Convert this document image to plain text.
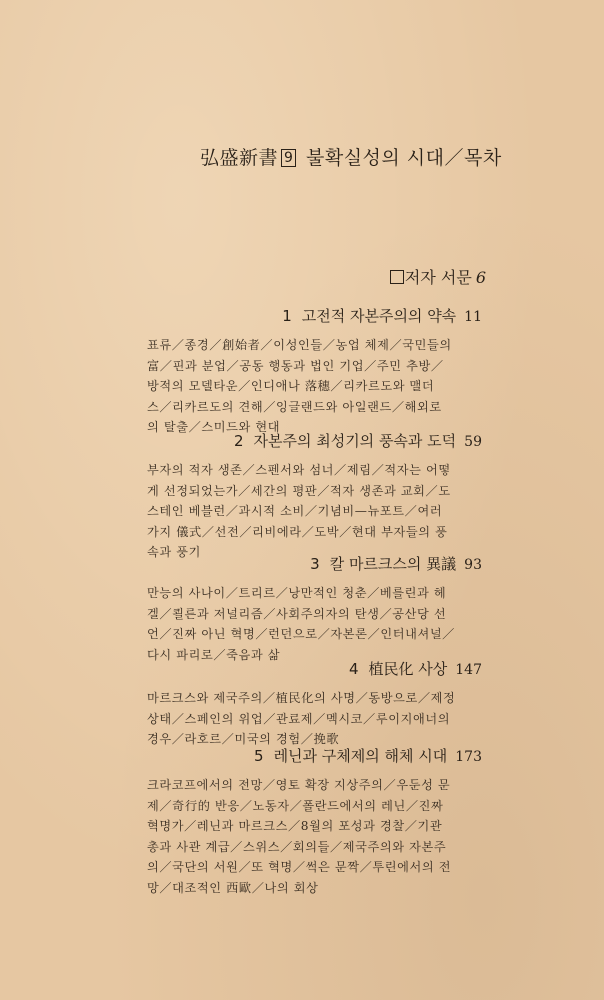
弘盛新書 9 불확실성의 시대／목차
저자 서문 6
1 고전적 자본주의의 약속 11
표류／종경／創始者／이성인들／농업 체제／국민들의
富／핀과 분업／공동 행동과 법인 기업／주민 추방／
방적의 모델타운／인디애나 落穗／리카르도와 맬더
스／리카르도의 견해／잉글랜드와 아일랜드／해외로
의 탈출／스미드와 현대
2 자본주의 최성기의 풍속과 도덕 59
부자의 적자 생존／스펜서와 섬너／제림／적자는 어떻
게 선정되었는가／세간의 평판／적자 생존과 교회／도
스테인 베블런／과시적 소비／기념비—뉴포트／여러
가지 儀式／선전／리비에라／도박／현대 부자들의 풍
속과 풍기
3 칼 마르크스의 異議 93
만능의 사나이／트리르／낭만적인 청춘／베를린과 헤
겔／쾰른과 저널리즘／사회주의자의 탄생／공산당 선
언／진짜 아닌 혁명／런던으로／자본론／인터내셔널／
다시 파리로／죽음과 삶
4 植民化 사상 147
마르크스와 제국주의／植民化의 사명／동방으로／제정
상태／스페인의 위업／관료제／멕시코／루이지애너의
경우／라호르／미국의 경험／挽歌
5 레닌과 구체제의 해체 시대 173
크라코프에서의 전망／영토 확장 지상주의／우둔성 문
제／奇行的 반응／노동자／폴란드에서의 레닌／진짜
혁명가／레닌과 마르크스／8월의 포성과 경찰／기관
총과 사관 계급／스위스／회의들／제국주의와 자본주
의／국단의 서원／또 혁명／썩은 문짝／투린에서의 전
망／대조적인 西歐／나의 회상
